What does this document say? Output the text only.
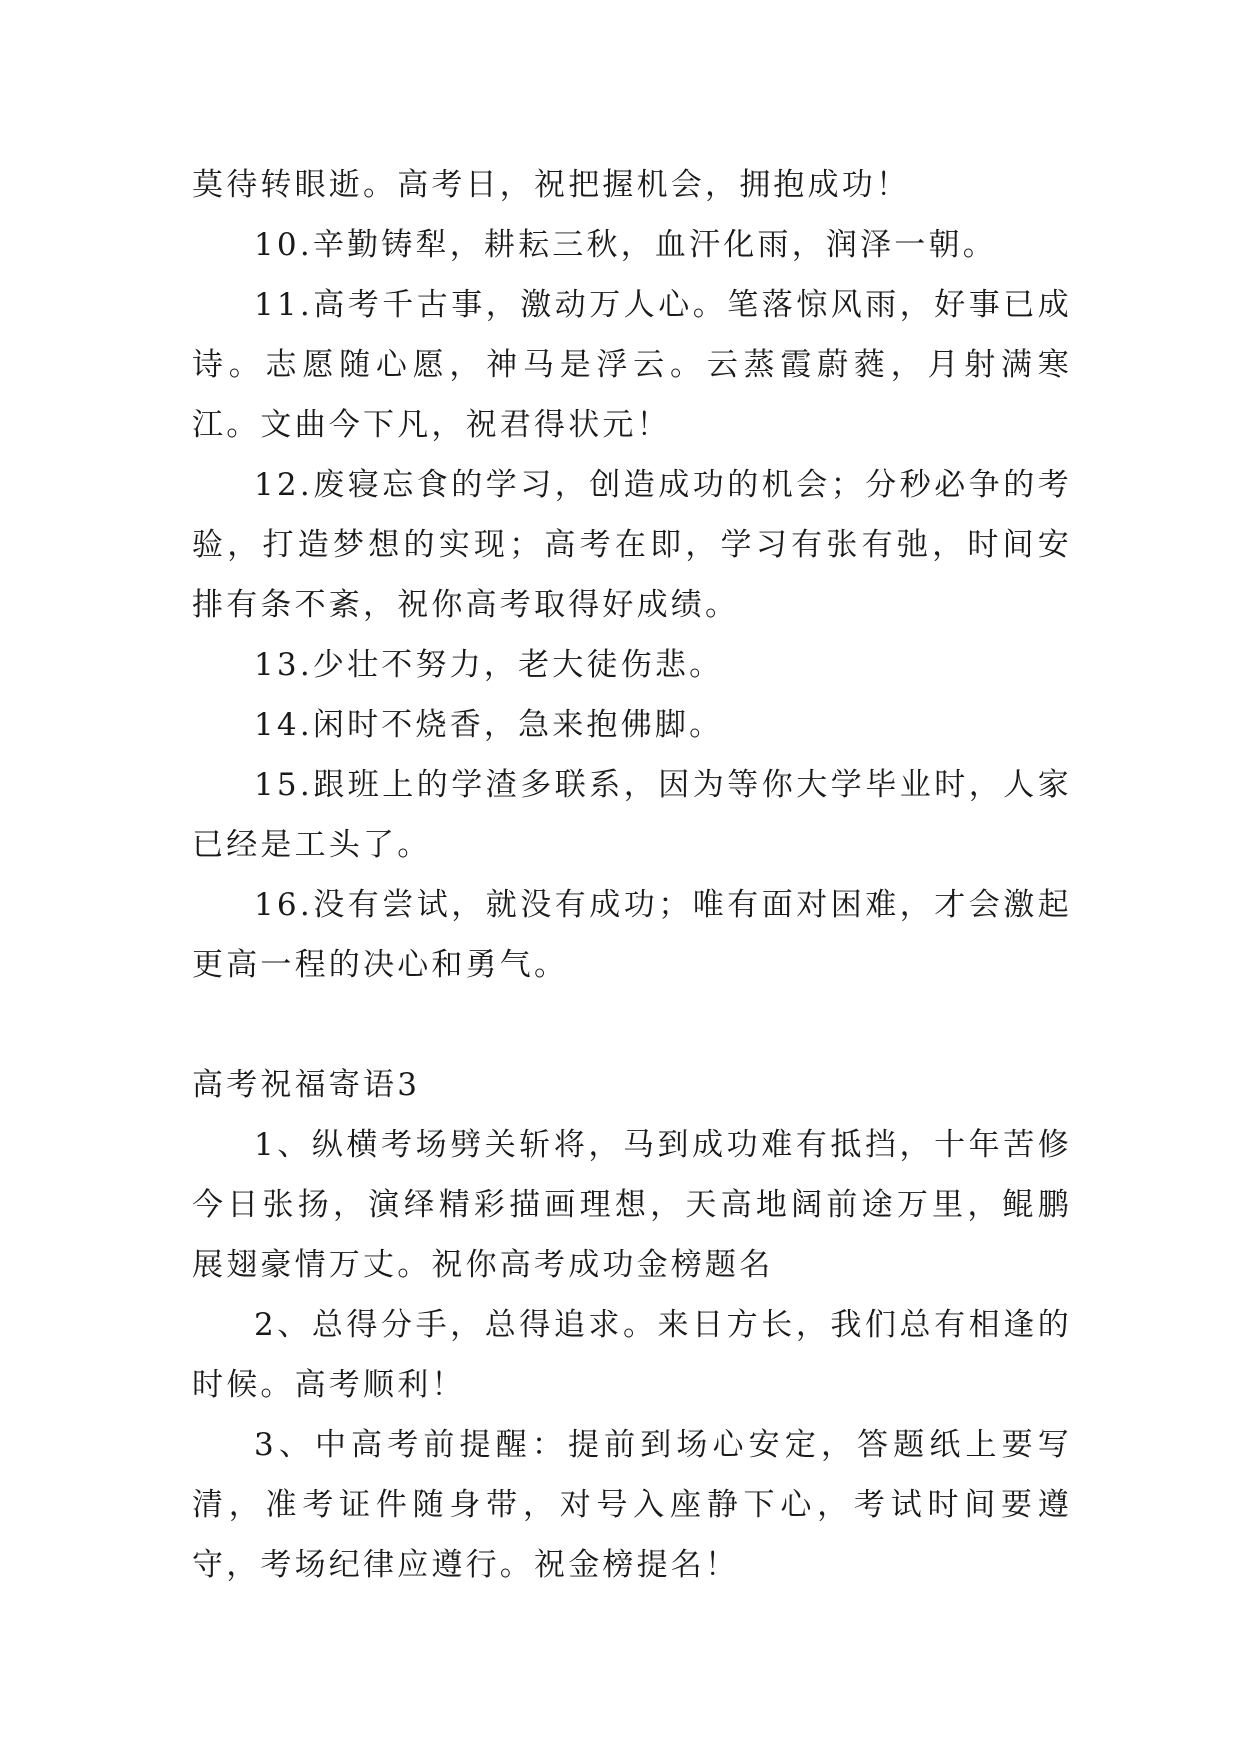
莫待转眼逝。高考日，祝把握机会，拥抱成功！

10.辛勤铸犁，耕耘三秋，血汗化雨，润泽一朝。

11.高考千古事，激动万人心。笔落惊风雨，好事已成诗。志愿随心愿，神马是浮云。云蒸霞蔚蕤，月射满寒江。文曲今下凡，祝君得状元！

12.废寝忘食的学习，创造成功的机会；分秒必争的考验，打造梦想的实现；高考在即，学习有张有弛，时间安排有条不紊，祝你高考取得好成绩。

13.少壮不努力，老大徒伤悲。

14.闲时不烧香，急来抱佛脚。

15.跟班上的学渣多联系，因为等你大学毕业时，人家已经是工头了。

16.没有尝试，就没有成功；唯有面对困难，才会激起更高一程的决心和勇气。

高考祝福寄语3

1、纵横考场劈关斩将，马到成功难有抵挡，十年苦修今日张扬，演绎精彩描画理想，天高地阔前途万里，鲲鹏展翅豪情万丈。祝你高考成功金榜题名

2、总得分手，总得追求。来日方长，我们总有相逢的时候。高考顺利！

3、中高考前提醒：提前到场心安定，答题纸上要写清，准考证件随身带，对号入座静下心，考试时间要遵守，考场纪律应遵行。祝金榜提名！
